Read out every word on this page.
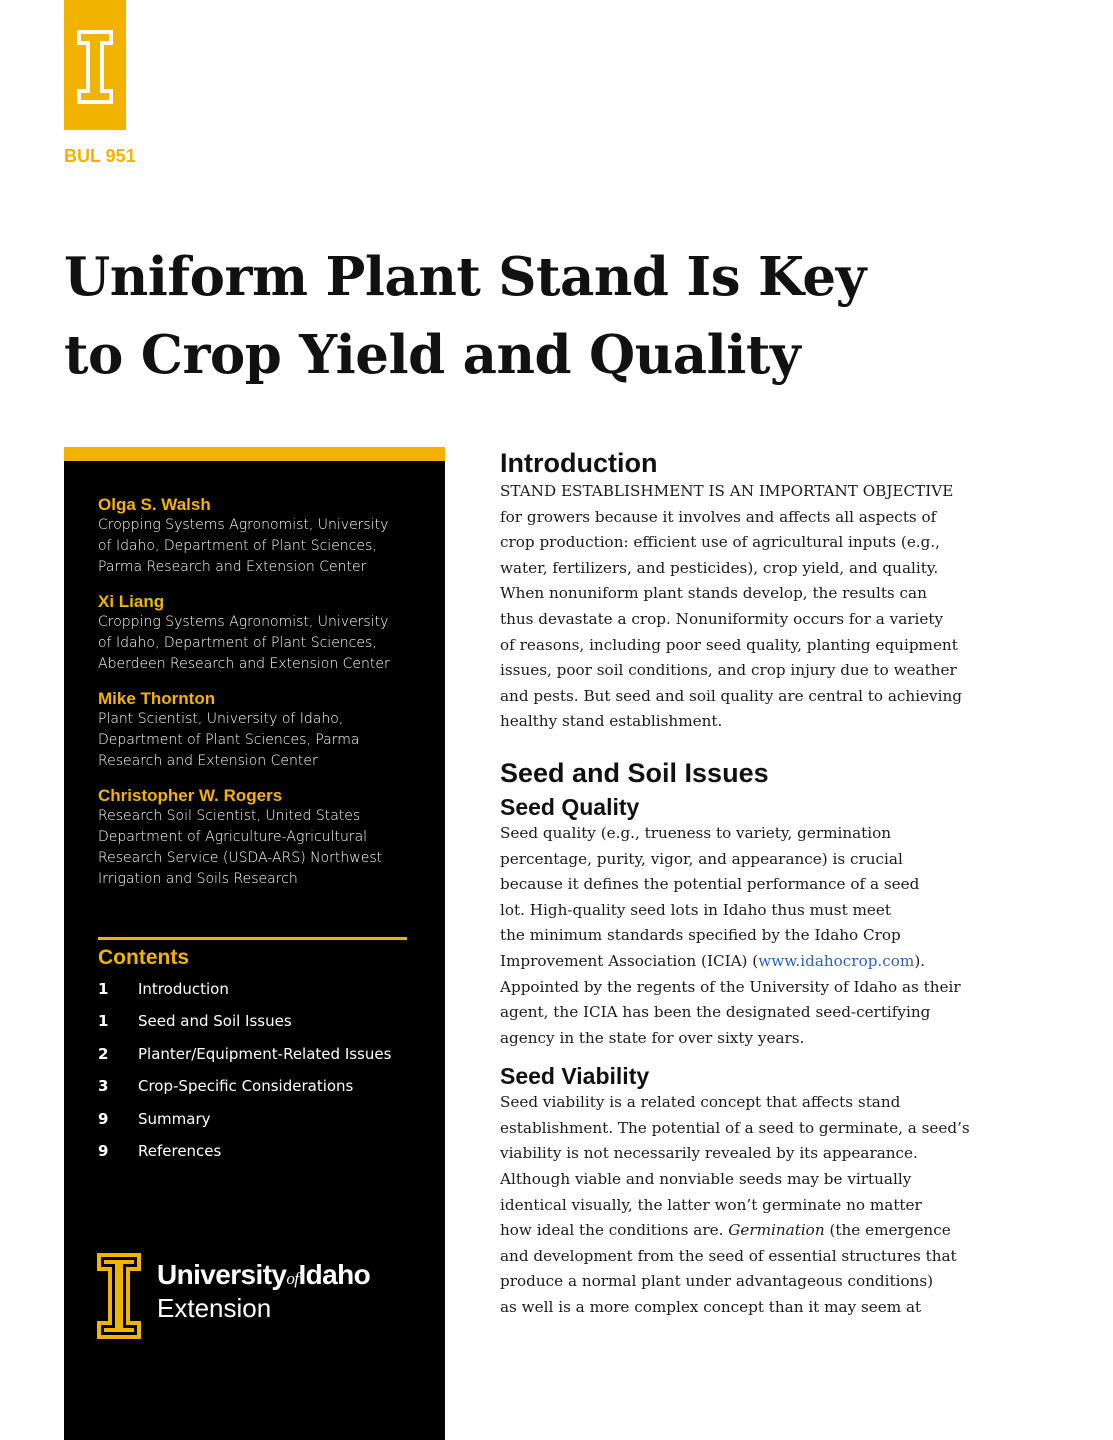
BUL 951
Uniform Plant Stand Is Key
to Crop Yield and Quality
Olga S. Walsh
Cropping Systems Agronomist, University
of Idaho, Department of Plant Sciences,
Parma Research and Extension Center
Xi Liang
Cropping Systems Agronomist, University
of Idaho, Department of Plant Sciences,
Aberdeen Research and Extension Center
Mike Thornton
Plant Scientist, University of Idaho,
Department of Plant Sciences, Parma
Research and Extension Center
Christopher W. Rogers
Research Soil Scientist, United States
Department of Agriculture-Agricultural
Research Service (USDA-ARS) Northwest
Irrigation and Soils Research
Contents
1	Introduction
1	Seed and Soil Issues
2	Planter/Equipment-Related Issues
3	Crop-Specific Considerations
9	Summary
9	References
UniversityofIdaho
Extension
Introduction

STAND ESTABLISHMENT IS AN IMPORTANT OBJECTIVE
for growers because it involves and affects all aspects of
crop production: efficient use of agricultural inputs (e.g.,
water, fertilizers, and pesticides), crop yield, and quality.
When nonuniform plant stands develop, the results can
thus devastate a crop. Nonuniformity occurs for a variety
of reasons, including poor seed quality, planting equipment
issues, poor soil conditions, and crop injury due to weather
and pests. But seed and soil quality are central to achieving
healthy stand establishment.

Seed and Soil Issues
Seed Quality

Seed quality (e.g., trueness to variety, germination
percentage, purity, vigor, and appearance) is crucial
because it defines the potential performance of a seed
lot. High-quality seed lots in Idaho thus must meet
the minimum standards specified by the Idaho Crop
Improvement Association (ICIA) (www.idahocrop.com).
Appointed by the regents of the University of Idaho as their
agent, the ICIA has been the designated seed-certifying
agency in the state for over sixty years.

Seed Viability

Seed viability is a related concept that affects stand
establishment. The potential of a seed to germinate, a seed’s
viability is not necessarily revealed by its appearance.
Although viable and nonviable seeds may be virtually
identical visually, the latter won’t germinate no matter
how ideal the conditions are. Germination (the emergence
and development from the seed of essential structures that
produce a normal plant under advantageous conditions)
as well is a more complex concept than it may seem at
